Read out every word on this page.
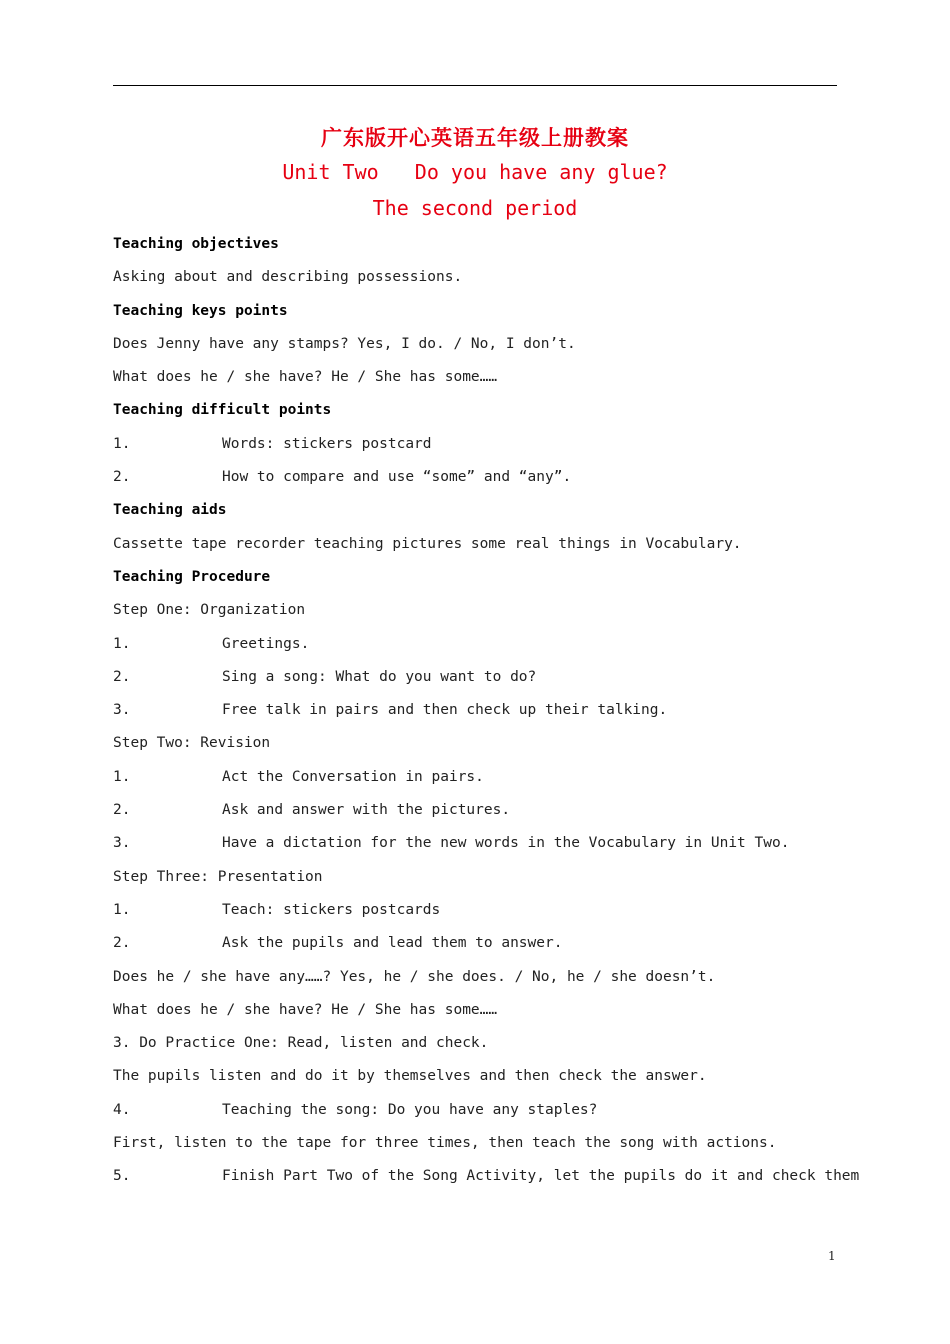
广东版开心英语五年级上册教案
Unit Two   Do you have any glue?
The second period
Teaching objectives
Asking about and describing possessions.
Teaching keys points
Does Jenny have any stamps? Yes, I do. / No, I don’t.
What does he / she have? He / She has some……
Teaching difficult points
1.	Words: stickers postcard
2.	How to compare and use “some” and “any”.
Teaching aids
Cassette tape recorder teaching pictures some real things in Vocabulary.
Teaching Procedure
Step One: Organization
1.	Greetings.
2.	Sing a song: What do you want to do?
3.	Free talk in pairs and then check up their talking.
Step Two: Revision
1.	Act the Conversation in pairs.
2.	Ask and answer with the pictures.
3.	Have a dictation for the new words in the Vocabulary in Unit Two.
Step Three: Presentation
1.	Teach: stickers postcards
2.	Ask the pupils and lead them to answer.
Does he / she have any……? Yes, he / she does. / No, he / she doesn’t.
What does he / she have? He / She has some……
3. Do Practice One: Read, listen and check.
The pupils listen and do it by themselves and then check the answer.
4.	Teaching the song: Do you have any staples?
First, listen to the tape for three times, then teach the song with actions.
5.	Finish Part Two of the Song Activity, let the pupils do it and check them
1
